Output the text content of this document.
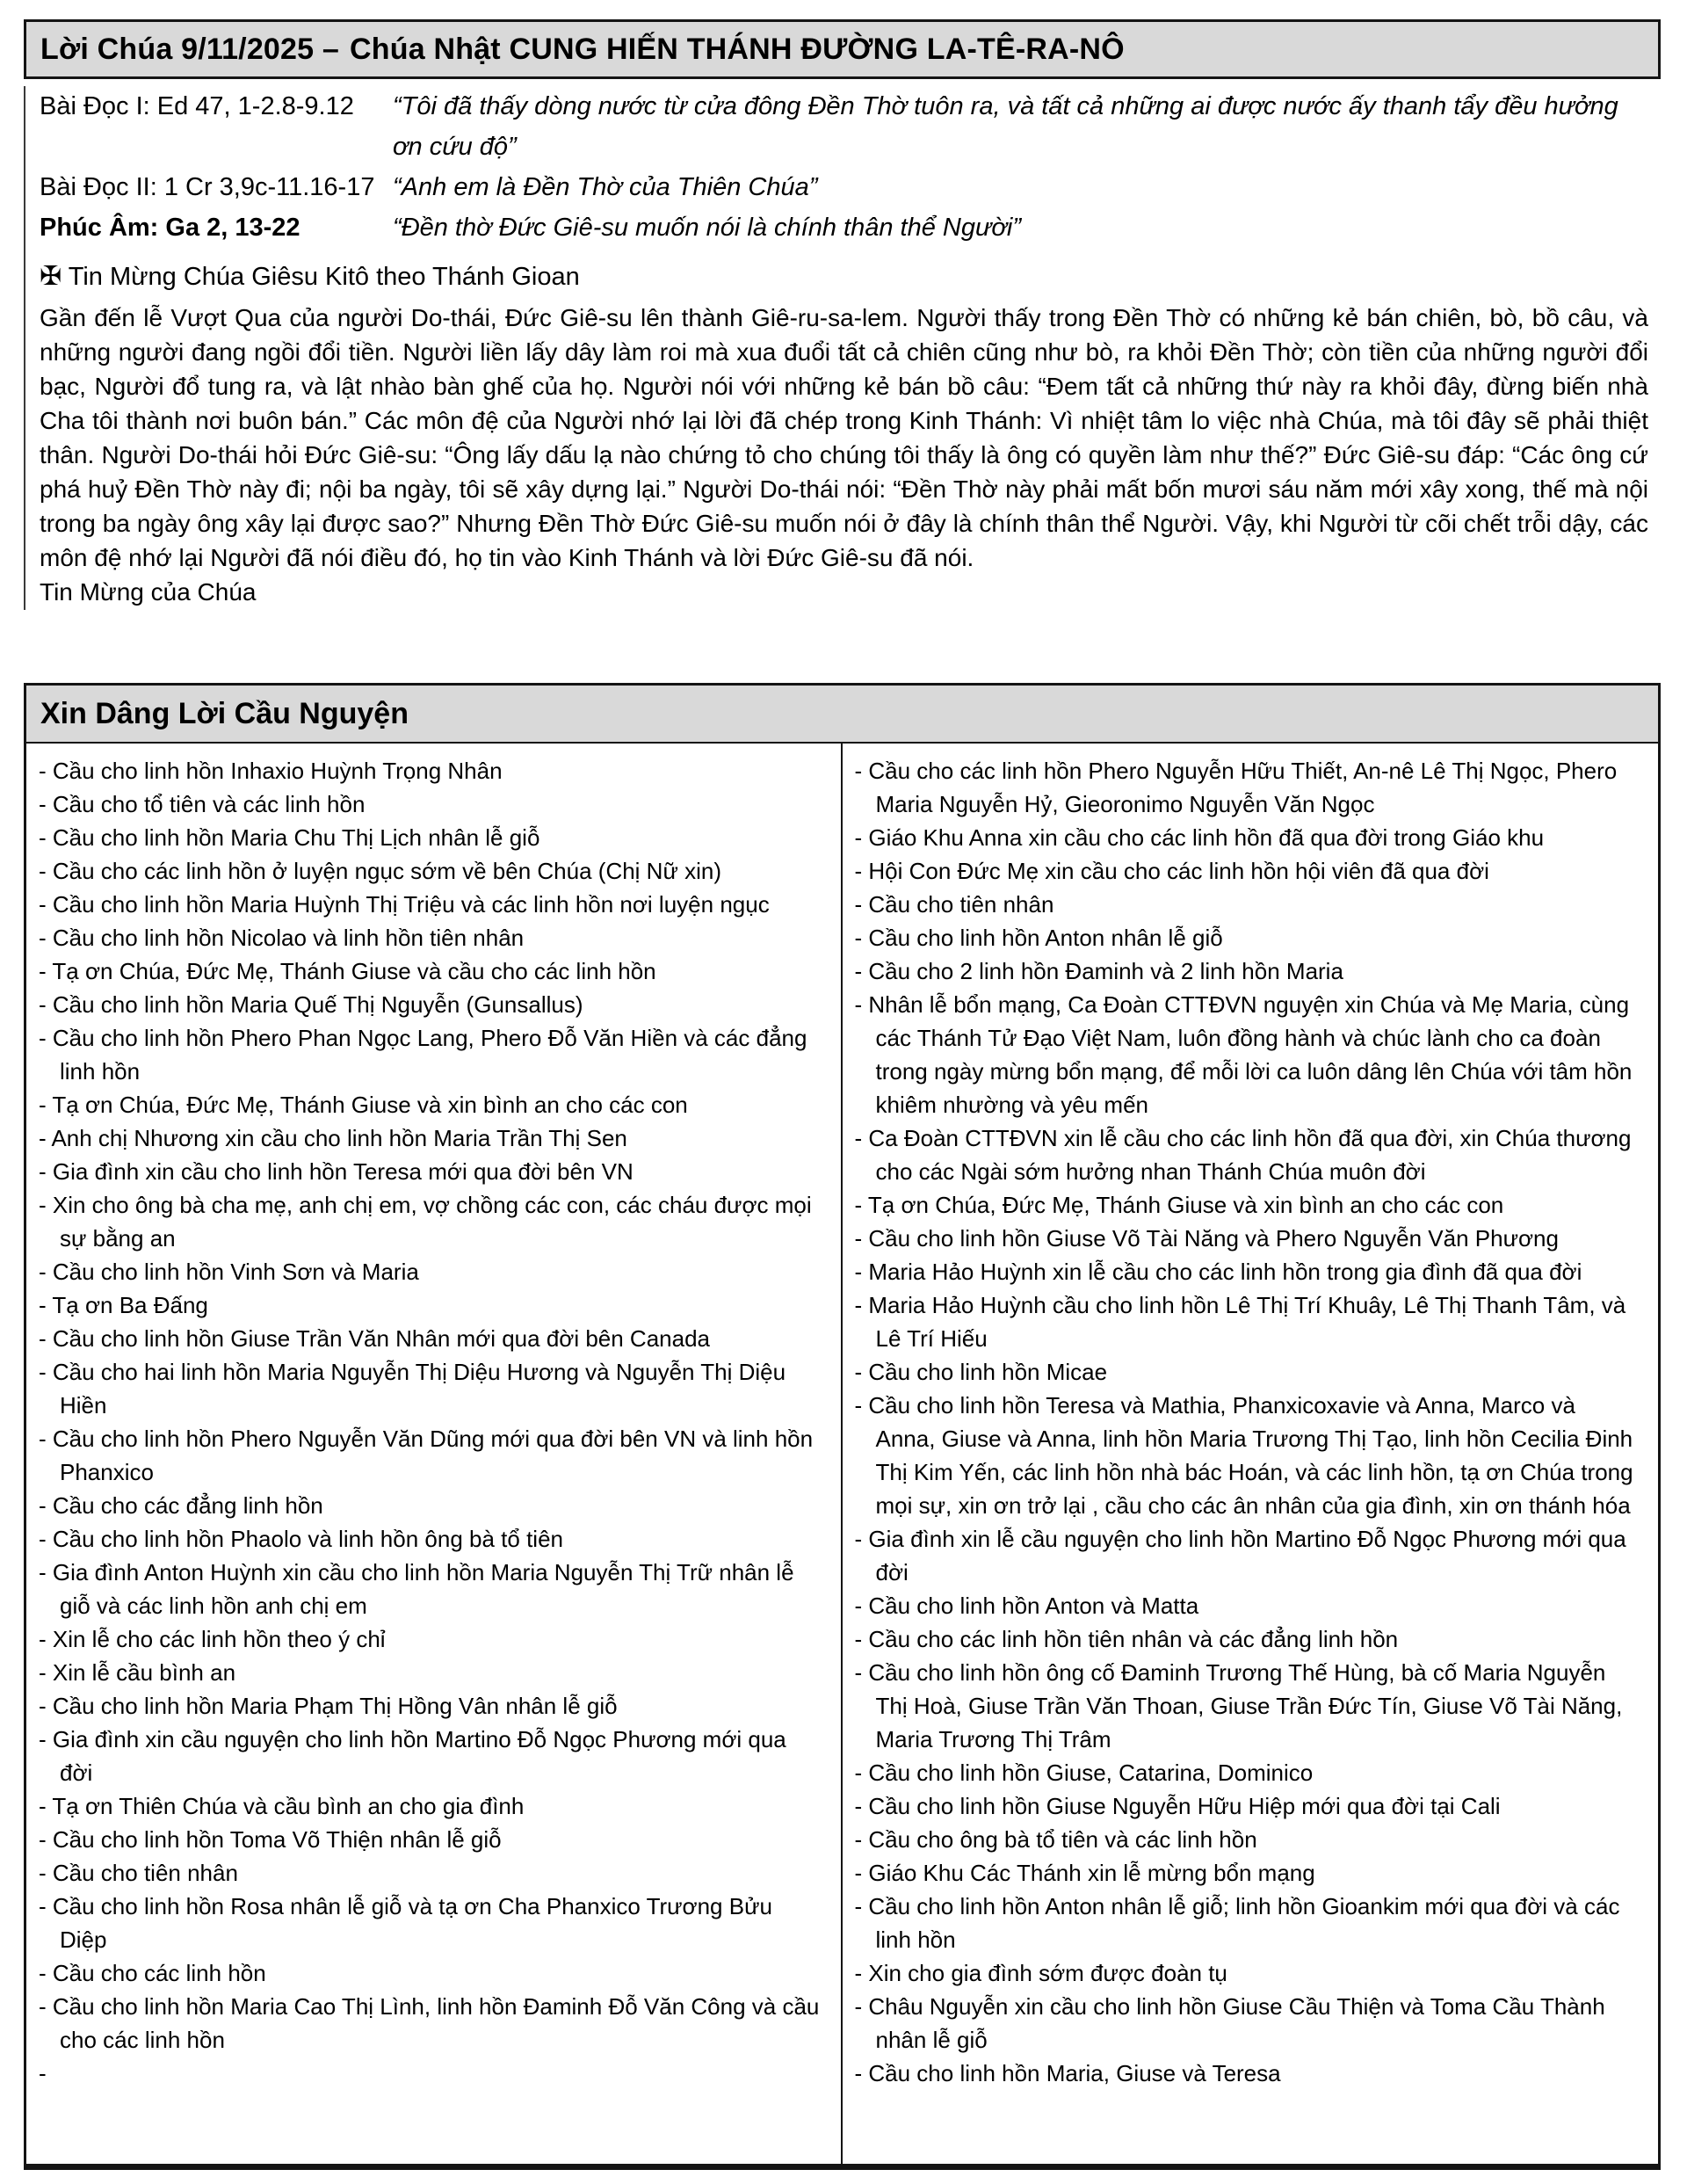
Lời Chúa 9/11/2025 – Chúa Nhật CUNG HIẾN THÁNH ĐƯỜNG LA-TÊ-RA-NÔ
Bài Đọc I: Ed 47, 1-2.8-9.12	“Tôi đã thấy dòng nước từ cửa đông Đền Thờ tuôn ra, và tất cả những ai được nước ấy thanh tẩy đều hưởng ơn cứu độ”
Bài Đọc II: 1 Cr 3,9c-11.16-17 “Anh em là Đền Thờ của Thiên Chúa”
Phúc Âm: Ga 2, 13-22	“Đền thờ Đức Giê-su muốn nói là chính thân thể Người”
✠ Tin Mừng Chúa Giêsu Kitô theo Thánh Gioan

Gần đến lễ Vượt Qua của người Do-thái, Đức Giê-su lên thành Giê-ru-sa-lem. Người thấy trong Đền Thờ có những kẻ bán chiên, bò, bồ câu, và những người đang ngồi đổi tiền. Người liền lấy dây làm roi mà xua đuổi tất cả chiên cũng như bò, ra khỏi Đền Thờ; còn tiền của những người đổi bạc, Người đổ tung ra, và lật nhào bàn ghế của họ. Người nói với những kẻ bán bồ câu: “Đem tất cả những thứ này ra khỏi đây, đừng biến nhà Cha tôi thành nơi buôn bán.” Các môn đệ của Người nhớ lại lời đã chép trong Kinh Thánh: Vì nhiệt tâm lo việc nhà Chúa, mà tôi đây sẽ phải thiệt thân. Người Do-thái hỏi Đức Giê-su: “Ông lấy dấu lạ nào chứng tỏ cho chúng tôi thấy là ông có quyền làm như thế?” Đức Giê-su đáp: “Các ông cứ phá huỷ Đền Thờ này đi; nội ba ngày, tôi sẽ xây dựng lại.” Người Do-thái nói: “Đền Thờ này phải mất bốn mươi sáu năm mới xây xong, thế mà nội trong ba ngày ông xây lại được sao?” Nhưng Đền Thờ Đức Giê-su muốn nói ở đây là chính thân thể Người. Vậy, khi Người từ cõi chết trỗi dậy, các môn đệ nhớ lại Người đã nói điều đó, họ tin vào Kinh Thánh và lời Đức Giê-su đã nói.

Tin Mừng của Chúa
Xin Dâng Lời Cầu Nguyện
- Cầu cho linh hồn Inhaxio Huỳnh Trọng Nhân
- Cầu cho tổ tiên và các linh hồn
- Cầu cho linh hồn Maria Chu Thị Lịch nhân lễ giỗ
- Cầu cho các linh hồn ở luyện ngục sớm về bên Chúa (Chị Nữ xin)
- Cầu cho linh hồn Maria Huỳnh Thị Triệu và các linh hồn nơi luyện ngục
- Cầu cho linh hồn Nicolao và linh hồn tiên nhân
- Tạ ơn Chúa, Đức Mẹ, Thánh Giuse và cầu cho các linh hồn
- Cầu cho linh hồn Maria Quế Thị Nguyễn (Gunsallus)
- Cầu cho linh hồn Phero Phan Ngọc Lang, Phero Đỗ Văn Hiền và các đẳng linh hồn
- Tạ ơn Chúa, Đức Mẹ, Thánh Giuse và xin bình an cho các con
- Anh chị Nhương xin cầu cho linh hồn Maria Trần Thị Sen
- Gia đình xin cầu cho linh hồn Teresa mới qua đời bên VN
- Xin cho ông bà cha mẹ, anh chị em, vợ chồng các con, các cháu được mọi sự bằng an
- Cầu cho linh hồn Vinh Sơn và Maria
- Tạ ơn Ba Đấng
- Cầu cho linh hồn Giuse Trần Văn Nhân mới qua đời bên Canada
- Cầu cho hai linh hồn Maria Nguyễn Thị Diệu Hương và Nguyễn Thị Diệu Hiền
- Cầu cho linh hồn Phero Nguyễn Văn Dũng mới qua đời bên VN và linh hồn Phanxico
- Cầu cho các đẳng linh hồn
- Cầu cho linh hồn Phaolo và linh hồn ông bà tổ tiên
- Gia đình Anton Huỳnh xin cầu cho linh hồn Maria Nguyễn Thị Trữ nhân lễ giỗ và các linh hồn anh chị em
- Xin lễ cho các linh hồn theo ý chỉ
- Xin lễ cầu bình an
- Cầu cho linh hồn Maria Phạm Thị Hồng Vân nhân lễ giỗ
- Gia đình xin cầu nguyện cho linh hồn Martino Đỗ Ngọc Phương mới qua đời
- Tạ ơn Thiên Chúa và cầu bình an cho gia đình
- Cầu cho linh hồn Toma Võ Thiện nhân lễ giỗ
- Cầu cho tiên nhân
- Cầu cho linh hồn Rosa nhân lễ giỗ và tạ ơn Cha Phanxico Trương Bửu Diệp
- Cầu cho các linh hồn
- Cầu cho linh hồn Maria Cao Thị Lình, linh hồn Đaminh Đỗ Văn Công và cầu cho các linh hồn
-
- Cầu cho các linh hồn Phero Nguyễn Hữu Thiết, An-nê Lê Thị Ngọc, Phero Maria Nguyễn Hỷ, Gieoronimo Nguyễn Văn Ngọc
- Giáo Khu Anna xin cầu cho các linh hồn đã qua đời trong Giáo khu
- Hội Con Đức Mẹ xin cầu cho các linh hồn hội viên đã qua đời
- Cầu cho tiên nhân
- Cầu cho linh hồn Anton nhân lễ giỗ
- Cầu cho 2 linh hồn Đaminh và 2 linh hồn Maria
- Nhân lễ bổn mạng, Ca Đoàn CTTĐVN nguyện xin Chúa và Mẹ Maria, cùng các Thánh Tử Đạo Việt Nam, luôn đồng hành và chúc lành cho ca đoàn trong ngày mừng bổn mạng, để mỗi lời ca luôn dâng lên Chúa với tâm hồn khiêm nhường và yêu mến
- Ca Đoàn CTTĐVN xin lễ cầu cho các linh hồn đã qua đời, xin Chúa thương cho các Ngài sớm hưởng nhan Thánh Chúa muôn đời
- Tạ ơn Chúa, Đức Mẹ, Thánh Giuse và xin bình an cho các con
- Cầu cho linh hồn Giuse Võ Tài Năng và Phero Nguyễn Văn Phương
- Maria Hảo Huỳnh xin lễ cầu cho các linh hồn trong gia đình đã qua đời
- Maria Hảo Huỳnh cầu cho linh hồn Lê Thị Trí Khuây, Lê Thị Thanh Tâm, và Lê Trí Hiếu
- Cầu cho linh hồn Micae
- Cầu cho linh hồn Teresa và Mathia, Phanxicoxavie và Anna, Marco và Anna, Giuse và Anna, linh hồn Maria Trương Thị Tạo, linh hồn Cecilia Đinh Thị Kim Yến, các linh hồn nhà bác Hoán, và các linh hồn, tạ ơn Chúa trong mọi sự, xin ơn trở lại , cầu cho các ân nhân của gia đình, xin ơn thánh hóa
- Gia đình xin lễ cầu nguyện cho linh hồn Martino Đỗ Ngọc Phương mới qua đời
- Cầu cho linh hồn Anton và Matta
- Cầu cho các linh hồn tiên nhân và các đẳng linh hồn
- Cầu cho linh hồn ông cố Đaminh Trương Thế Hùng, bà cố Maria Nguyễn Thị Hoà, Giuse Trần Văn Thoan, Giuse Trần Đức Tín, Giuse Võ Tài Năng, Maria Trương Thị Trâm
- Cầu cho linh hồn Giuse, Catarina, Dominico
- Cầu cho linh hồn Giuse Nguyễn Hữu Hiệp mới qua đời tại Cali
- Cầu cho ông bà tổ tiên và các linh hồn
- Giáo Khu Các Thánh xin lễ mừng bổn mạng
- Cầu cho linh hồn Anton nhân lễ giỗ; linh hồn Gioankim mới qua đời và các linh hồn
- Xin cho gia đình sớm được đoàn tụ
- Châu Nguyễn xin cầu cho linh hồn Giuse Cầu Thiện và Toma Cầu Thành nhân lễ giỗ
- Cầu cho linh hồn Maria, Giuse và Teresa
